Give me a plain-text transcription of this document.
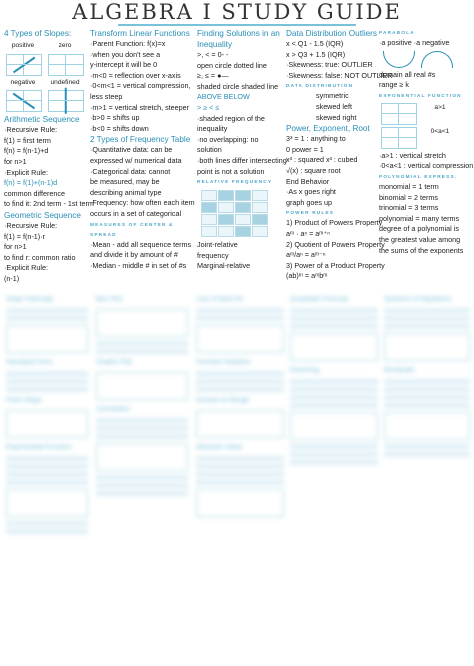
ALGEBRA I STUDY GUIDE
4 Types of Slopes:
positive	zero
negative	undefined
Arithmetic Sequence
·Recursive Rule:
f(1) = first term
f(n) = f(n-1)+d
for n>1
·Explicit Rule:
f(n) = f(1)+(n-1)d
common difference
to find it: 2nd term - 1st term
Geometric Sequence
·Recursive Rule:
f(1) = f(n-1)·r
for n>1
to find r: common ratio
·Explicit Rule:
(n-1)
Transform Linear Functions
·Parent Function: f(x)=x
·when you don't see a
y-intercept it will be 0
·m<0 = reflection over x-axis
·0<m<1 = vertical compression,
less steep
·m>1 = vertical stretch, steeper
·b>0 = shifts up
·b<0 = shifts down
2 Types of Frequency Table
·Quantitative data: can be
expressed w/ numerical data
·Categorical data: cannot
be measured, may be
describing animal type
·Frequency: how often each item
occurs in a set of categorical
MEASURES OF CENTER &
SPREAD
·Mean - add all sequence terms
and divide it by amount of #
·Median - middle # in set of #s
Finding Solutions in an Inequality
>, < = 0- -
open circle dotted line
≥, ≤ = ●—
shaded circle shaded line
ABOVE BELOW
> ≥ < ≤
·shaded region of the
inequality
·no overlapping: no
solution
·both lines differ intersecting
point is not a solution
RELATIVE FREQUENCY
Joint-relative
frequency
Marginal-relative
Data Distribution Outliers
x < Q1 - 1.5 (IQR)
x > Q3 + 1.5 (IQR)
·Skewness: true: OUTLIER
·Skewness: false: NOT OUTLIER
DATA DISTRIBUTION
symmetric
skewed left
skewed right
Power, Exponent, Root
3³ = 1 : anything to
0 power = 1
x³ : squared x³ : cubed
√(x) : square root
End Behavior
·As x goes right
graph goes up
POWER RULES
1) Product of Powers Property
aᵐ · aⁿ = aᵐ⁺ⁿ
2) Quotient of Powers Property
aᵐ/aⁿ = aᵐ⁻ⁿ
3) Power of a Product Property
(ab)ᵐ = aᵐbᵐ
PARABOLA
·a positive ·a negative
domain all real #s
range ≥ k
EXPONENTIAL FUNCTION
a>1
0<a<1
·a>1 : vertical stretch
·0<a<1 : vertical compression
POLYNOMIAL EXPRESS.
monomial = 1 term
binomial = 2 terms
trinomial = 3 terms
polynomial = many terms
degree of a polynomial is
the greatest value among
the sums of the exponents
Slope Intercept
Standard Form
Point Slope
Exponential Function
Box Plot
Scatter Plot
Correlation
Line of Best Fit
Function Notation
Domain & Range
Absolute Value
Quadratic Formula
Factoring
Systems of Equations
Residuals
